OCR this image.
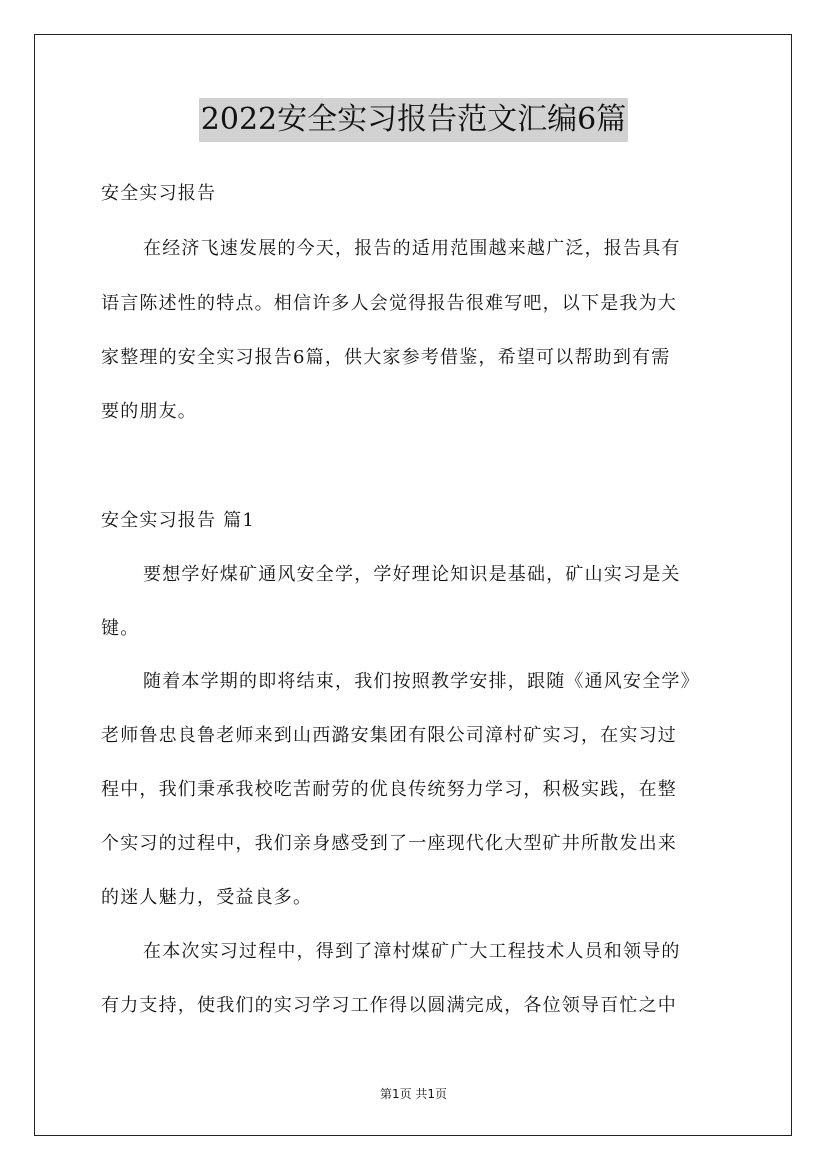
2022安全实习报告范文汇编6篇
安全实习报告
在经济飞速发展的今天，报告的适用范围越来越广泛，报告具有
语言陈述性的特点。相信许多人会觉得报告很难写吧，以下是我为大
家整理的安全实习报告6篇，供大家参考借鉴，希望可以帮助到有需
要的朋友。
安全实习报告 篇1
要想学好煤矿通风安全学，学好理论知识是基础，矿山实习是关
键。
随着本学期的即将结束，我们按照教学安排，跟随《通风安全学》
老师鲁忠良鲁老师来到山西潞安集团有限公司漳村矿实习，在实习过
程中，我们秉承我校吃苦耐劳的优良传统努力学习，积极实践，在整
个实习的过程中，我们亲身感受到了一座现代化大型矿井所散发出来
的迷人魅力，受益良多。
在本次实习过程中，得到了漳村煤矿广大工程技术人员和领导的
有力支持，使我们的实习学习工作得以圆满完成，各位领导百忙之中
第1页 共1页
